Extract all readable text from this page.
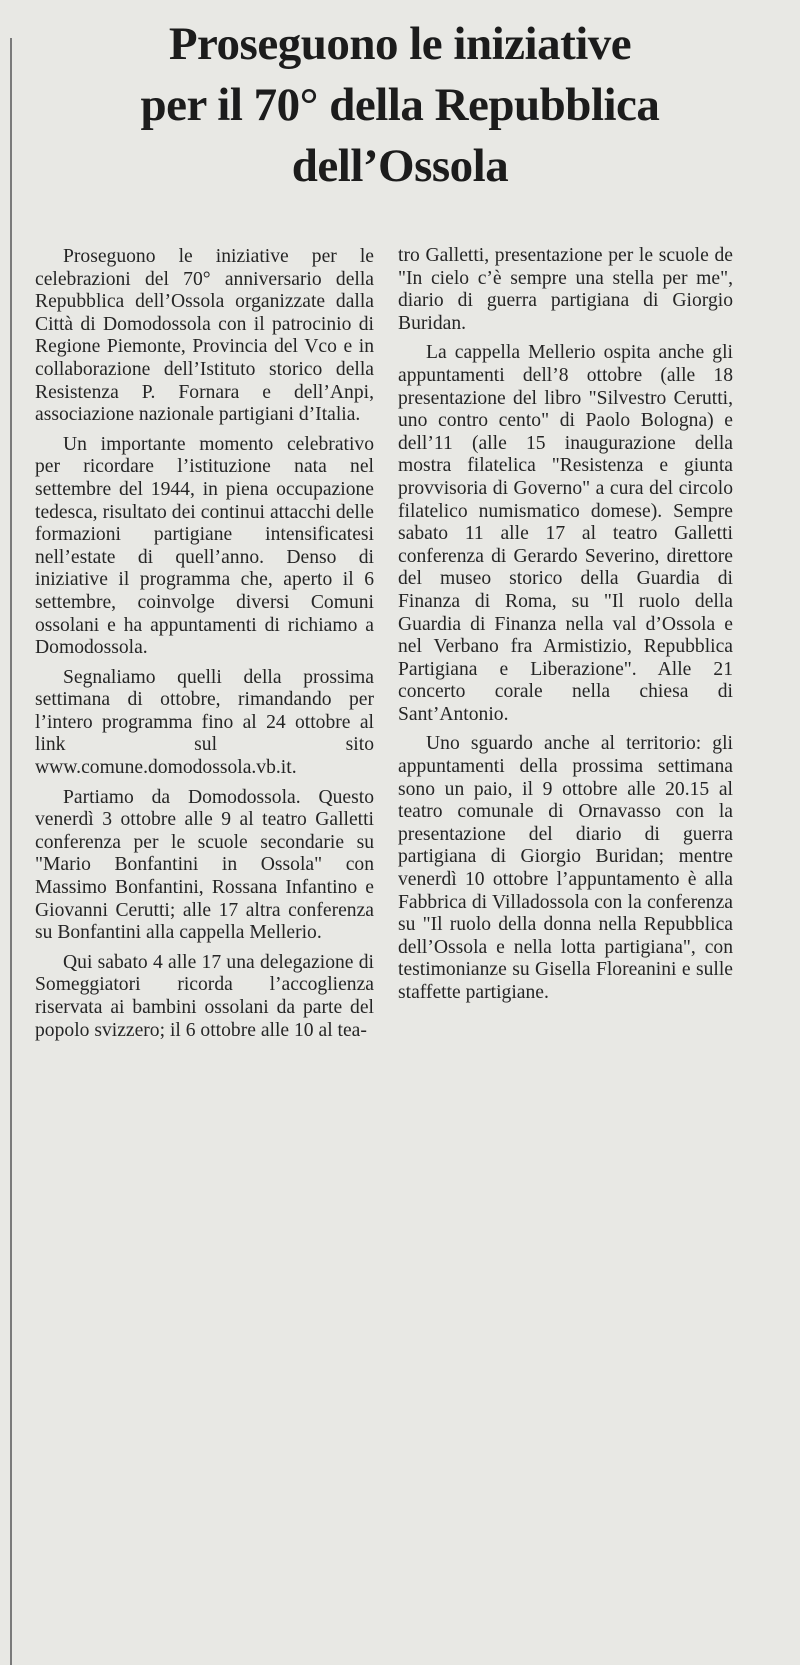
Proseguono le iniziative
per il 70° della Repubblica
dell’Ossola

Proseguono le iniziative per le celebrazioni del 70° anniversario della Repubblica dell’Ossola organizzate dalla Città di Domodossola con il patrocinio di Regione Piemonte, Provincia del Vco e in collaborazione dell’Istituto storico della Resistenza P. Fornara e dell’Anpi, associazione nazionale partigiani d’Italia.

Un importante momento celebrativo per ricordare l’istituzione nata nel settembre del 1944, in piena occupazione tedesca, risultato dei continui attacchi delle formazioni partigiane intensificatesi nell’estate di quell’anno. Denso di iniziative il programma che, aperto il 6 settembre, coinvolge diversi Comuni ossolani e ha appuntamenti di richiamo a Domodossola.

Segnaliamo quelli della prossima settimana di ottobre, rimandando per l’intero programma fino al 24 ottobre al link sul sito www.comune.domodossola.vb.it.

Partiamo da Domodossola. Questo venerdì 3 ottobre alle 9 al teatro Galletti conferenza per le scuole secondarie su "Mario Bonfantini in Ossola" con Massimo Bonfantini, Rossana Infantino e Giovanni Cerutti; alle 17 altra conferenza su Bonfantini alla cappella Mellerio.

Qui sabato 4 alle 17 una delegazione di Someggiatori ricorda l’accoglienza riservata ai bambini ossolani da parte del popolo svizzero; il 6 ottobre alle 10 al tea-

tro Galletti, presentazione per le scuole de "In cielo c’è sempre una stella per me", diario di guerra partigiana di Giorgio Buridan.

La cappella Mellerio ospita anche gli appuntamenti dell’8 ottobre (alle 18 presentazione del libro "Silvestro Cerutti, uno contro cento" di Paolo Bologna) e dell’11 (alle 15 inaugurazione della mostra filatelica "Resistenza e giunta provvisoria di Governo" a cura del circolo filatelico numismatico domese). Sempre sabato 11 alle 17 al teatro Galletti conferenza di Gerardo Severino, direttore del museo storico della Guardia di Finanza di Roma, su "Il ruolo della Guardia di Finanza nella val d’Ossola e nel Verbano fra Armistizio, Repubblica Partigiana e Liberazione". Alle 21 concerto corale nella chiesa di Sant’Antonio.

Uno sguardo anche al territorio: gli appuntamenti della prossima settimana sono un paio, il 9 ottobre alle 20.15 al teatro comunale di Ornavasso con la presentazione del diario di guerra partigiana di Giorgio Buridan; mentre venerdì 10 ottobre l’appuntamento è alla Fabbrica di Villadossola con la conferenza su "Il ruolo della donna nella Repubblica dell’Ossola e nella lotta partigiana", con testimonianze su Gisella Floreanini e sulle staffette partigiane.
